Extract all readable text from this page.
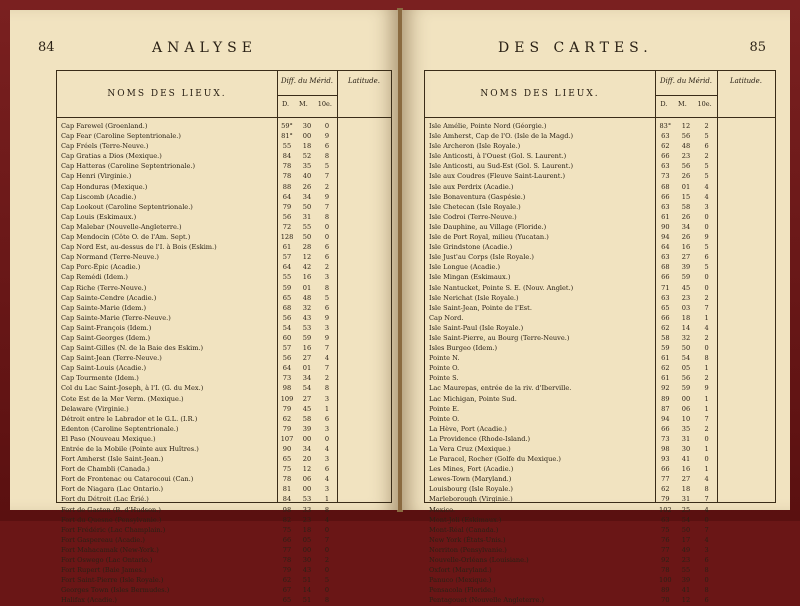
84	ANALYSE
NOMS DES LIEUX.
Diff. du Mérid.
D. M. 10e.
Latitude.
Cap Farewel (Groenland.)	59°	30	0
Cap Fear (Caroline Septentrionale.)	81°	00	9
Cap Fréels (Terre-Neuve.)	55	18	6
Cap Gratias a Dios (Mexique.)	84	52	8
Cap Hatteras (Caroline Septentrionale.)	78	35	5
Cap Henri (Virginie.)	78	40	7
Cap Honduras (Mexique.)	88	26	2
Cap Liscomb (Acadie.)	64	34	9
Cap Lookout (Caroline Septentrionale.)	79	50	7
Cap Louis (Eskimaux.)	56	31	8
Cap Malebar (Nouvelle-Angleterre.)	72	55	0
Cap Mendocin (Côte O. de l'Am. Sept.)	128	50	0
Cap Nord Est, au-dessus de l'I. à Bois (Eskim.)	61	28	6
Cap Normand (Terre-Neuve.)	57	12	6
Cap Porc-Épic (Acadie.)	64	42	2
Cap Remédi (Idem.)	55	16	3
Cap Riche (Terre-Neuve.)	59	01	8
Cap Sainte-Cendre (Acadie.)	65	48	5
Cap Sainte-Marie (Idem.)	68	32	6
Cap Sainte-Marie (Terre-Neuve.)	56	43	9
Cap Saint-François (Idem.)	54	53	3
Cap Saint-Georges (Idem.)	60	59	9
Cap Saint-Gilles (N. de la Baie des Eskim.)	57	16	7
Cap Saint-Jean (Terre-Neuve.)	56	27	4
Cap Saint-Louis (Acadie.)	64	01	7
Cap Tourmente (Idem.)	73	34	2
Col du Lac Saint-Joseph, à l'I. (G. du Mex.)	98	54	8
Cote Est de la Mer Verm. (Mexique.)	109	27	3
Delaware (Virginie.)	79	45	1
Détroit entre le Labrador et le G.L. (I.R.)	62	58	6
Edenton (Caroline Septentrionale.)	79	39	3
El Paso (Nouveau Mexique.)	107	00	0
Entrée de la Mobile (Pointe aux Huîtres.)	90	34	4
Fort Amherst (Isle Saint-Jean.)	65	20	3
Fort de Chambli (Canada.)	75	12	6
Fort de Frontenac ou Catarocoui (Can.)	78	06	4
Fort de Niagara (Lac Ontario.)	81	00	3
Fort du Détroit (Lac Érié.)	84	53	1
Fort de Gaston (B. d'Hudson.)	98	33	8
Fort du Quesne (Pensylvanie.)	82	23	4
Fort Frédéric (Lac Champlain.)	75	18	0
Fort Gaspereau (Acadie.)	66	05	7
Fort Mahacamak (New-York.)	77	00	0
Fort Oswego (Lac Ontario.)	78	30	2
Fort Rupert (Baie James.)	79	43	0
Fort Saint-Pierre (Isle Royale.)	62	51	5
Georges Town (Isles Bermudes.)	67	14	0
Halifax (Acadie.)	65	51	8
85
DES CARTES.
NOMS DES LIEUX.
Diff. du Mérid.
D. M. 10e.
Latitude.
Isle Amélie, Pointe Nord (Géorgie.)	83°	12	2
Isle Amherst, Cap de l'O. (Isle de la Magd.)	63	56	5
Isle Archeron (Isle Royale.)	62	48	6
Isle Anticosti, à l'Ouest (Gol. S. Laurent.)	66	23	2
Isle Anticosti, au Sud-Est (Gol. S. Laurent.)	63	56	5
Isle aux Coudres (Fleuve Saint-Laurent.)	73	26	5
Isle aux Perdrix (Acadie.)	68	01	4
Isle Bonaventura (Gaspésie.)	66	15	4
Isle Chetecan (Isle Royale.)	63	58	3
Isle Codroi (Terre-Neuve.)	61	26	0
Isle Dauphine, au Village (Floride.)	90	34	0
Isle de Port Royal, milieu (Yucatan.)	94	26	9
Isle Grindstone (Acadie.)	64	16	5
Isle Just'au Corps (Isle Royale.)	63	27	6
Isle Longue (Acadie.)	68	39	5
Isle Mingan (Eskimaux.)	66	59	0
Isle Nantucket, Pointe S. E. (Nouv. Anglet.)	71	45	0
Isle Nerichat (Isle Royale.)	63	23	2
Isle Saint-Jean, Pointe de l'Est.	65	03	7
Cap Nord.	66	18	1
Isle Saint-Paul (Isle Royale.)	62	14	4
Isle Saint-Pierre, au Bourg (Terre-Neuve.)	58	32	2
Isles Burgeo (Idem.)	59	50	0
Pointe N.	61	54	8
Pointe O.	62	05	1
Pointe S.	61	56	2
Lac Maurepas, entrée de la riv. d'Iberville.	92	59	9
Lac Michigan, Pointe Sud.	89	00	1
Pointe E.	87	06	1
Pointe O.	94	10	7
La Hève, Port (Acadie.)	66	35	2
La Providence (Rhode-Island.)	73	31	0
La Vera Cruz (Mexique.)	98	30	1
Le Paracel, Rocher (Golfe du Mexique.)	93	41	0
Les Mines, Fort (Acadie.)	66	16	1
Lewes-Town (Maryland.)	77	27	4
Louisbourg (Isle Royale.)	62	18	8
Marleborough (Virginie.)	79	31	7
Mexico.	102	25	4
Mont-Joli (Eskimaux.)	63	54	0
Mont-Réal (Canada.)	75	50	7
New York (États-Unis.)	76	17	4
Norriton (Pensylvanie.)	77	49	3
Nouvelle-Orléans (Louisiane.)	92	23	6
Oxfort (Maryland.)	78	55	8
Panuco (Mexique.)	100	39	0
Pensacola (Floride.)	89	41	8
Pentagouet (Nouvelle Angleterre.)	70	12	6
